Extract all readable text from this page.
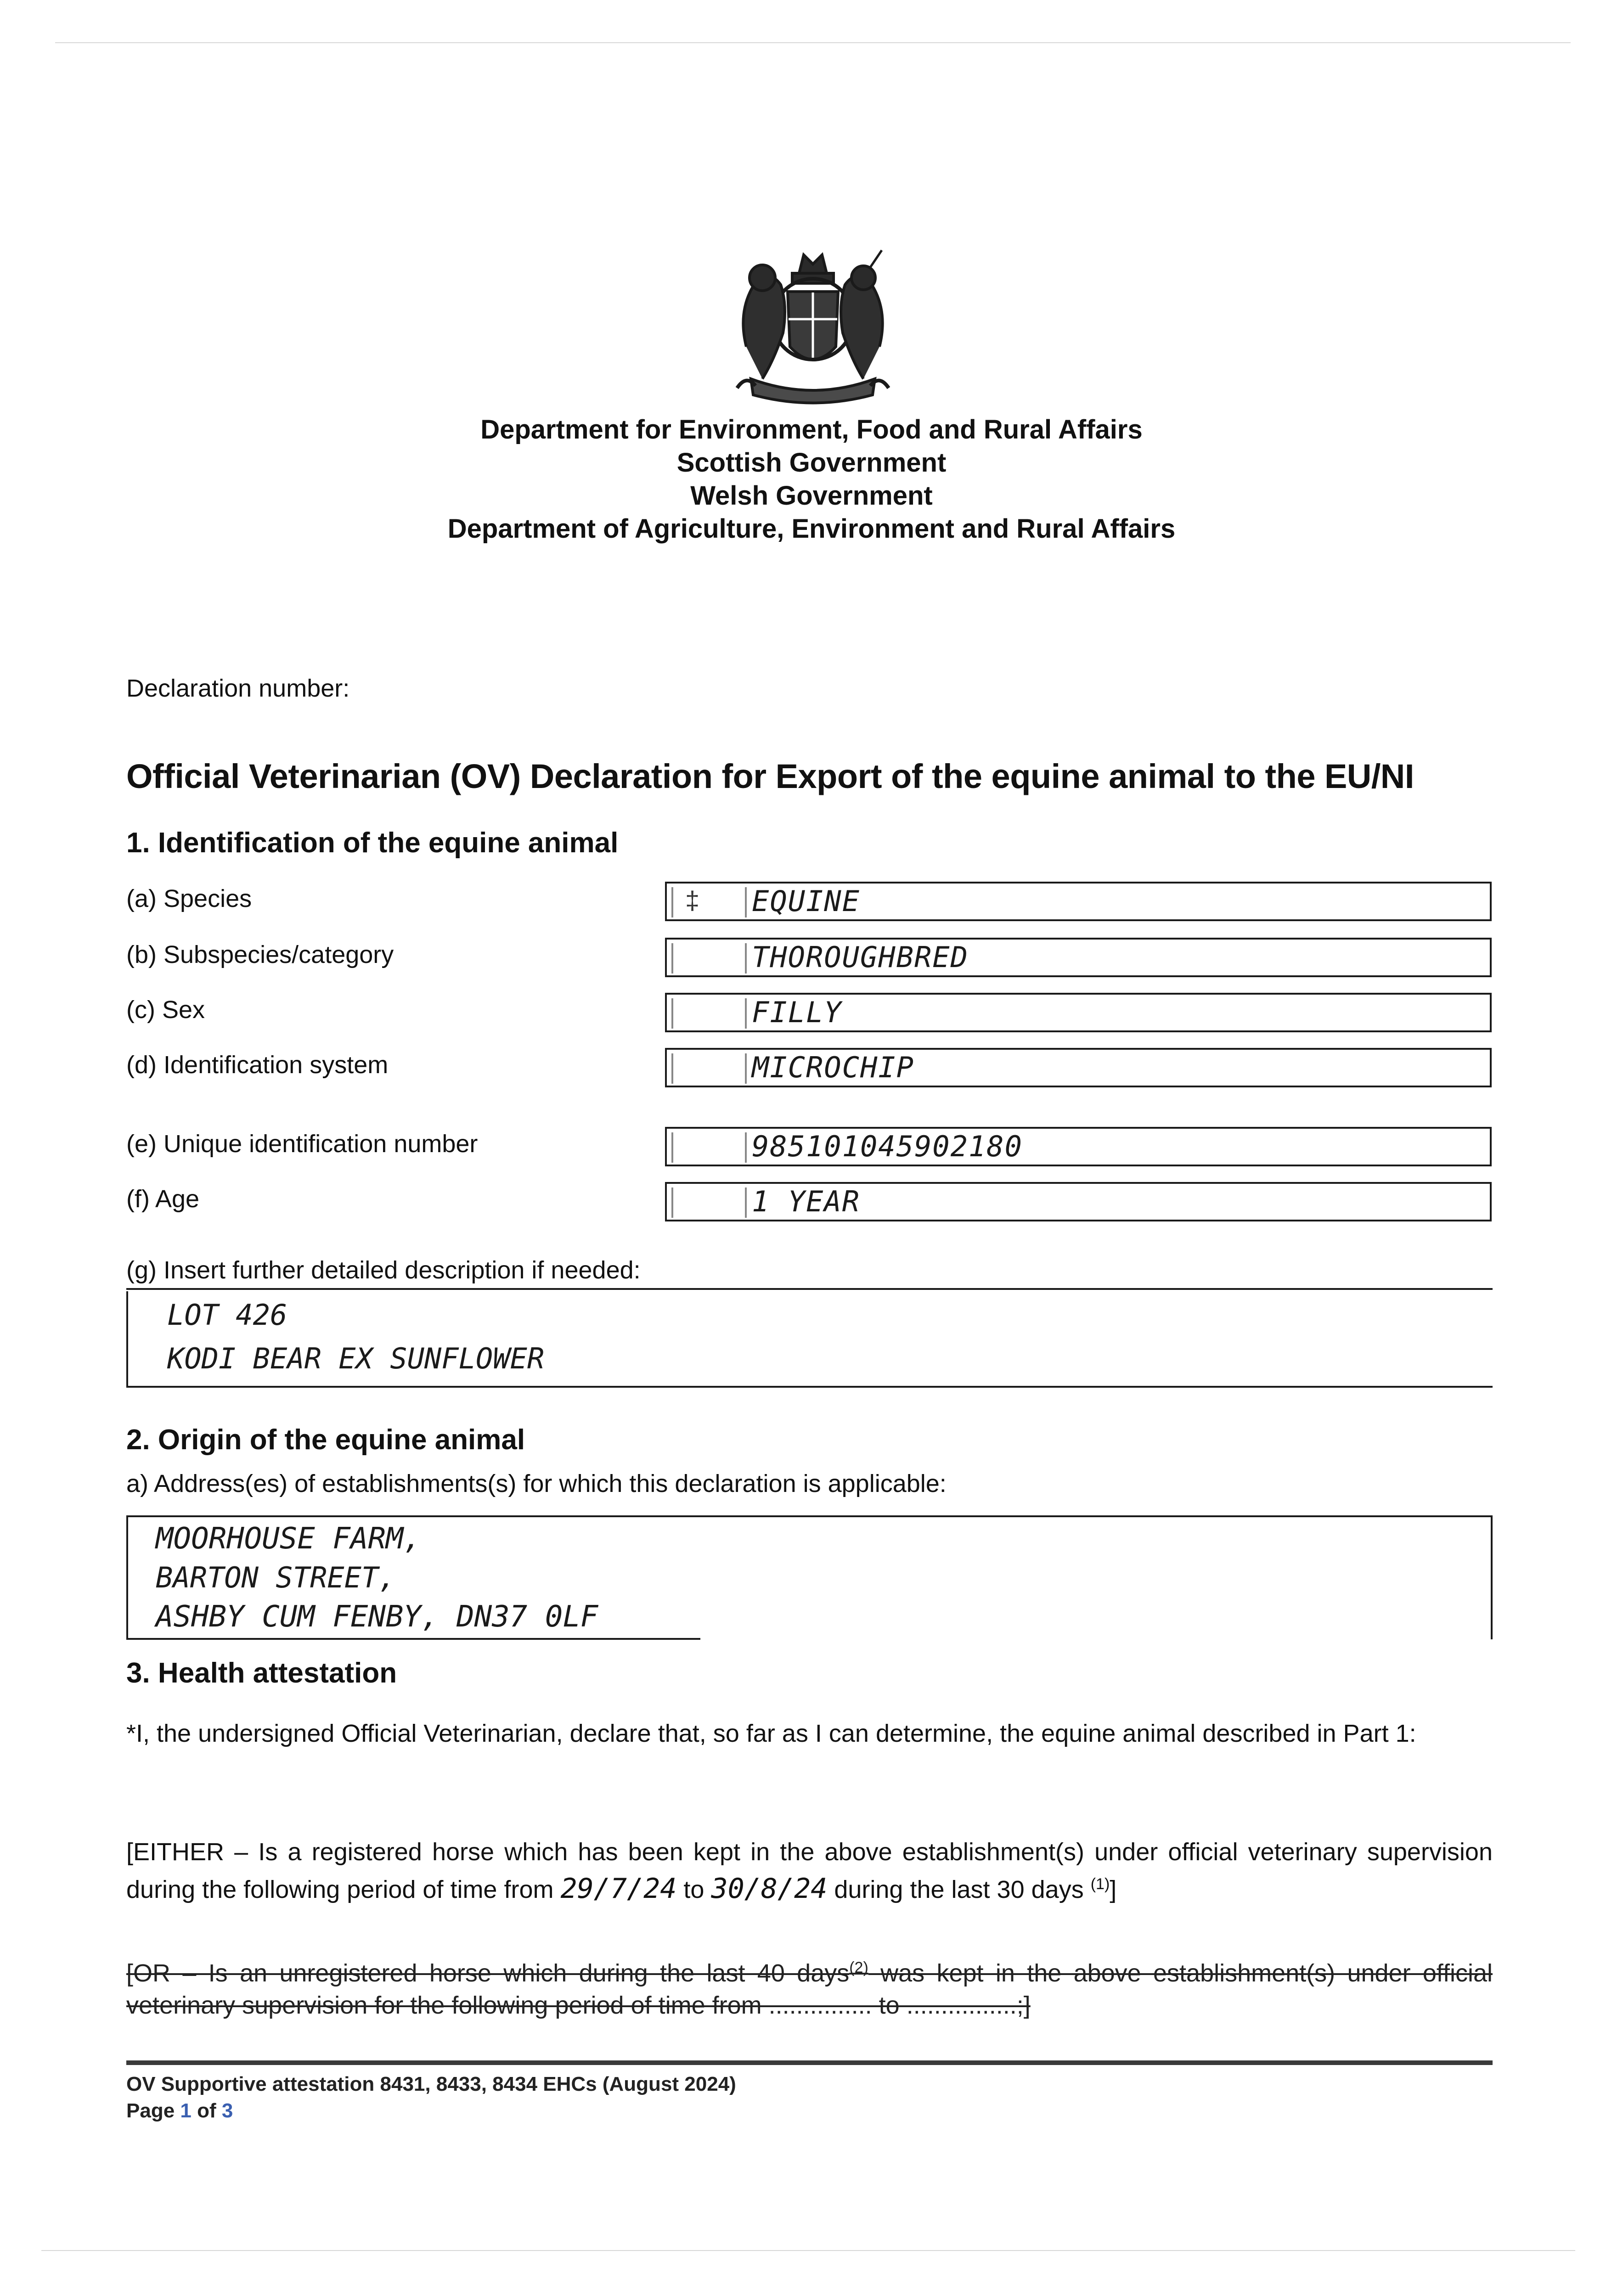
Department for Environment, Food and Rural Affairs
Scottish Government
Welsh Government
Department of Agriculture, Environment and Rural Affairs
Declaration number:
Official Veterinarian (OV) Declaration for Export of the equine animal to the EU/NI
1. Identification of the equine animal
(a) Species	‡ EQUINE
(b) Subspecies/category	THOROUGHBRED
(c) Sex	FILLY
(d) Identification system	MICROCHIP
(e) Unique identification number	985101045902180
(f) Age	1 YEAR
(g) Insert further detailed description if needed:
LOT 426
KODI BEAR EX SUNFLOWER
2. Origin of the equine animal
a) Address(es) of establishments(s) for which this declaration is applicable:
MOORHOUSE FARM,
BARTON STREET,
ASHBY CUM FENBY, DN37 0LF
3. Health attestation
*I, the undersigned Official Veterinarian, declare that, so far as I can determine, the equine animal described in Part 1:
[EITHER – Is a registered horse which has been kept in the above establishment(s) under official veterinary supervision during the following period of time from 29/7/24 to 30/8/24 during the last 30 days $^{(1)}$]
[OR – Is an unregistered horse which during the last 40 days$^{(2)}$ was kept in the above establishment(s) under official veterinary supervision for the following period of time from ............... to ................;]
OV Supportive attestation 8431, 8433, 8434 EHCs (August 2024)
Page 1 of 3
